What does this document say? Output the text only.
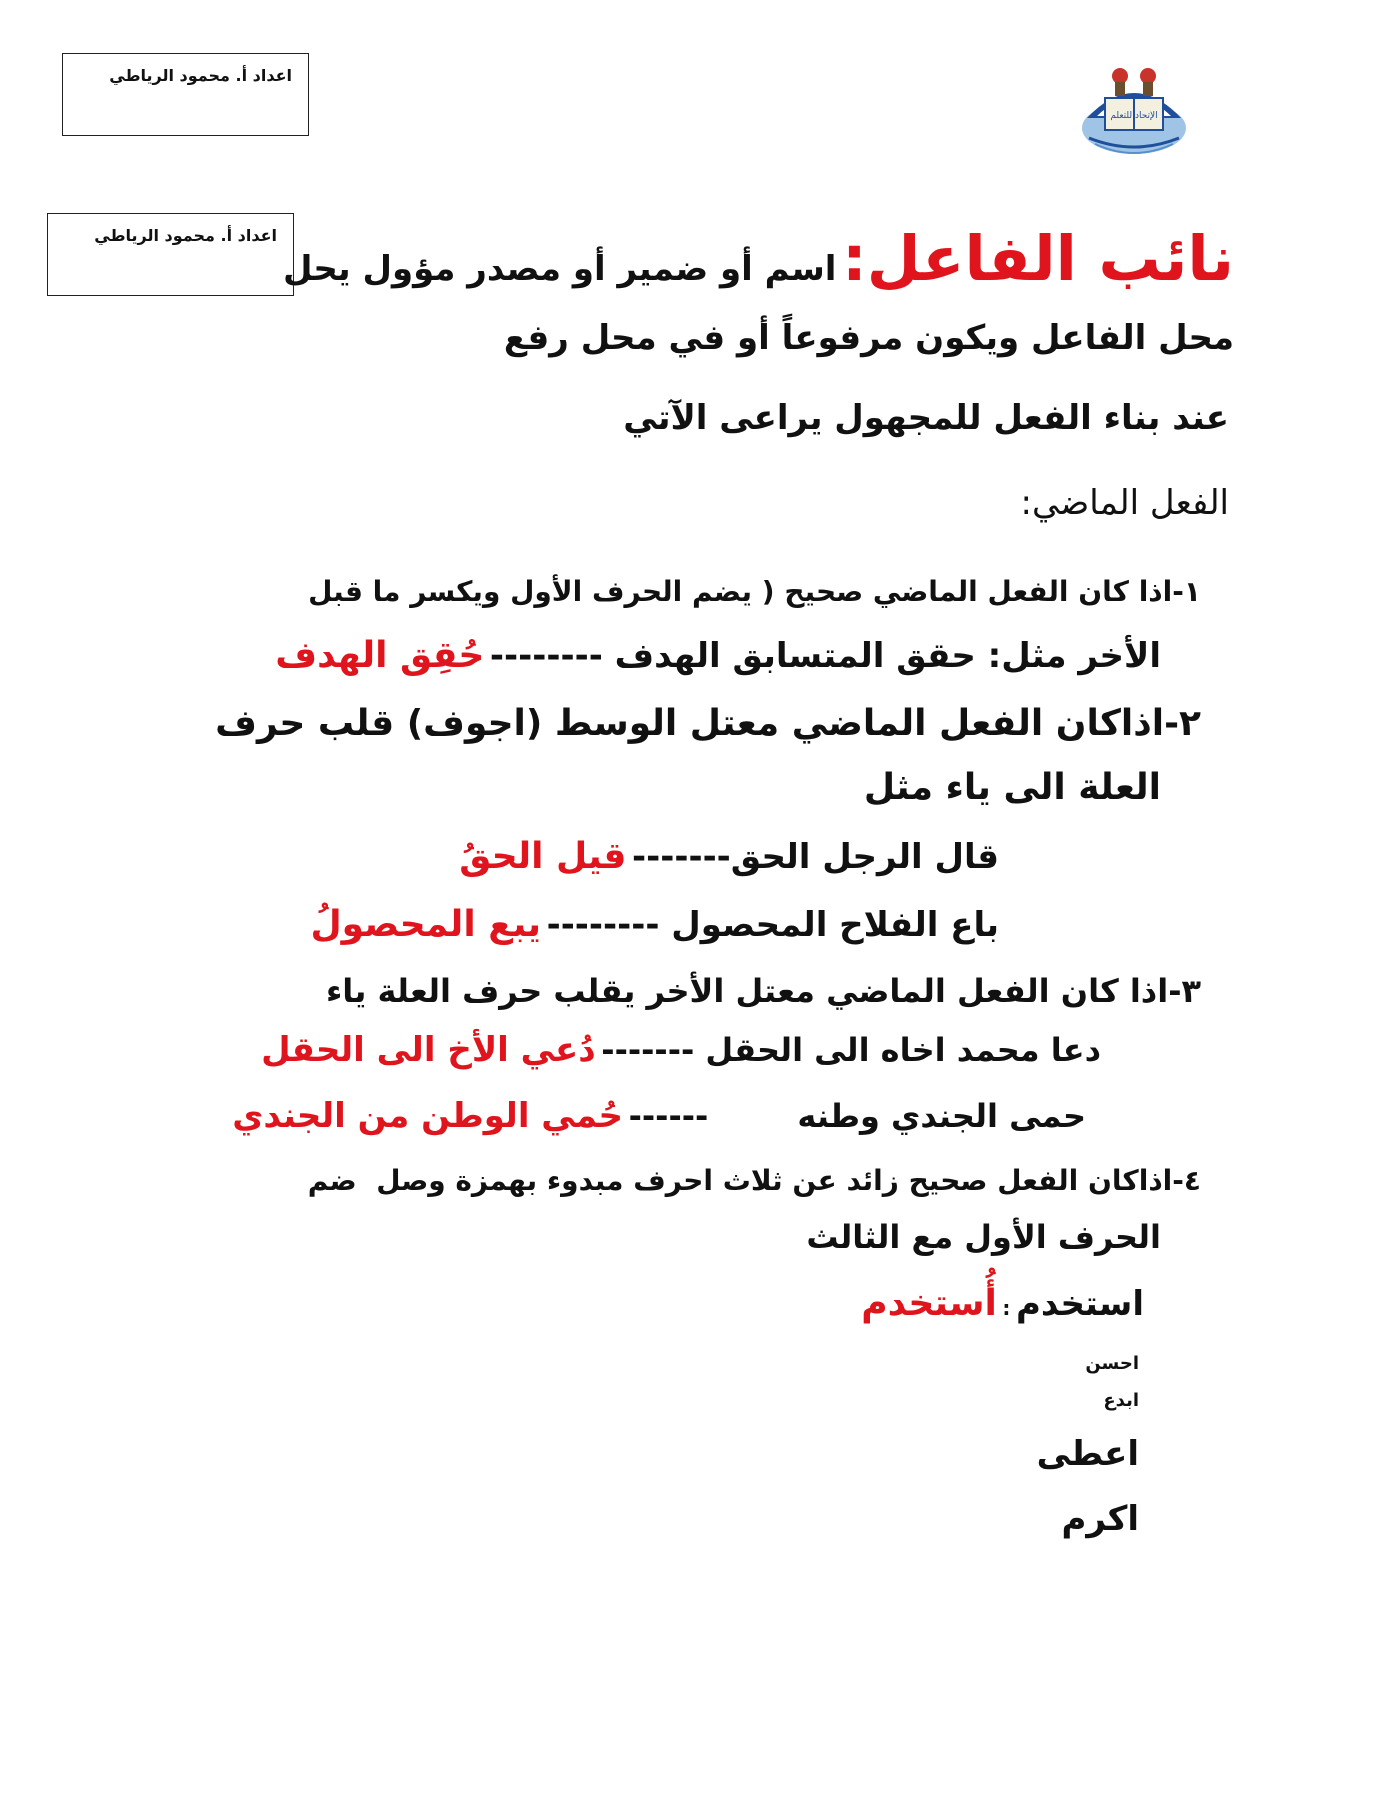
اعداد أ. محمود الرياطي
اعداد أ. محمود الرياطي
الإتحاد للتعلم
نائب الفاعل: اسم أو ضمير أو مصدر مؤول يحل
محل الفاعل ويكون مرفوعاً أو في محل رفع
عند بناء الفعل للمجهول يراعى الآتي
الفعل الماضي:
١-اذا كان الفعل الماضي صحيح ( يضم الحرف الأول ويكسر ما قبل
الأخر مثل: حقق المتسابق الهدف -------- حُقِق الهدف
٢-اذاكان الفعل الماضي معتل الوسط (اجوف) قلب حرف
العلة الى ياء مثل
قال الرجل الحق------- قيل الحقُ
باع الفلاح المحصول -------- يبع المحصولُ
٣-اذا كان الفعل الماضي معتل الأخر يقلب حرف العلة ياء
دعا محمد اخاه الى الحقل ------- دُعي الأخ الى الحقل
حمى الجندي وطنه        ------ حُمي الوطن من الجندي
٤-اذاكان الفعل صحيح زائد عن ثلاث احرف مبدوء بهمزة وصل  ضم
الحرف الأول مع الثالث
استخدم : أُستخدم
احسن
ابدع
اعطى
اكرم
